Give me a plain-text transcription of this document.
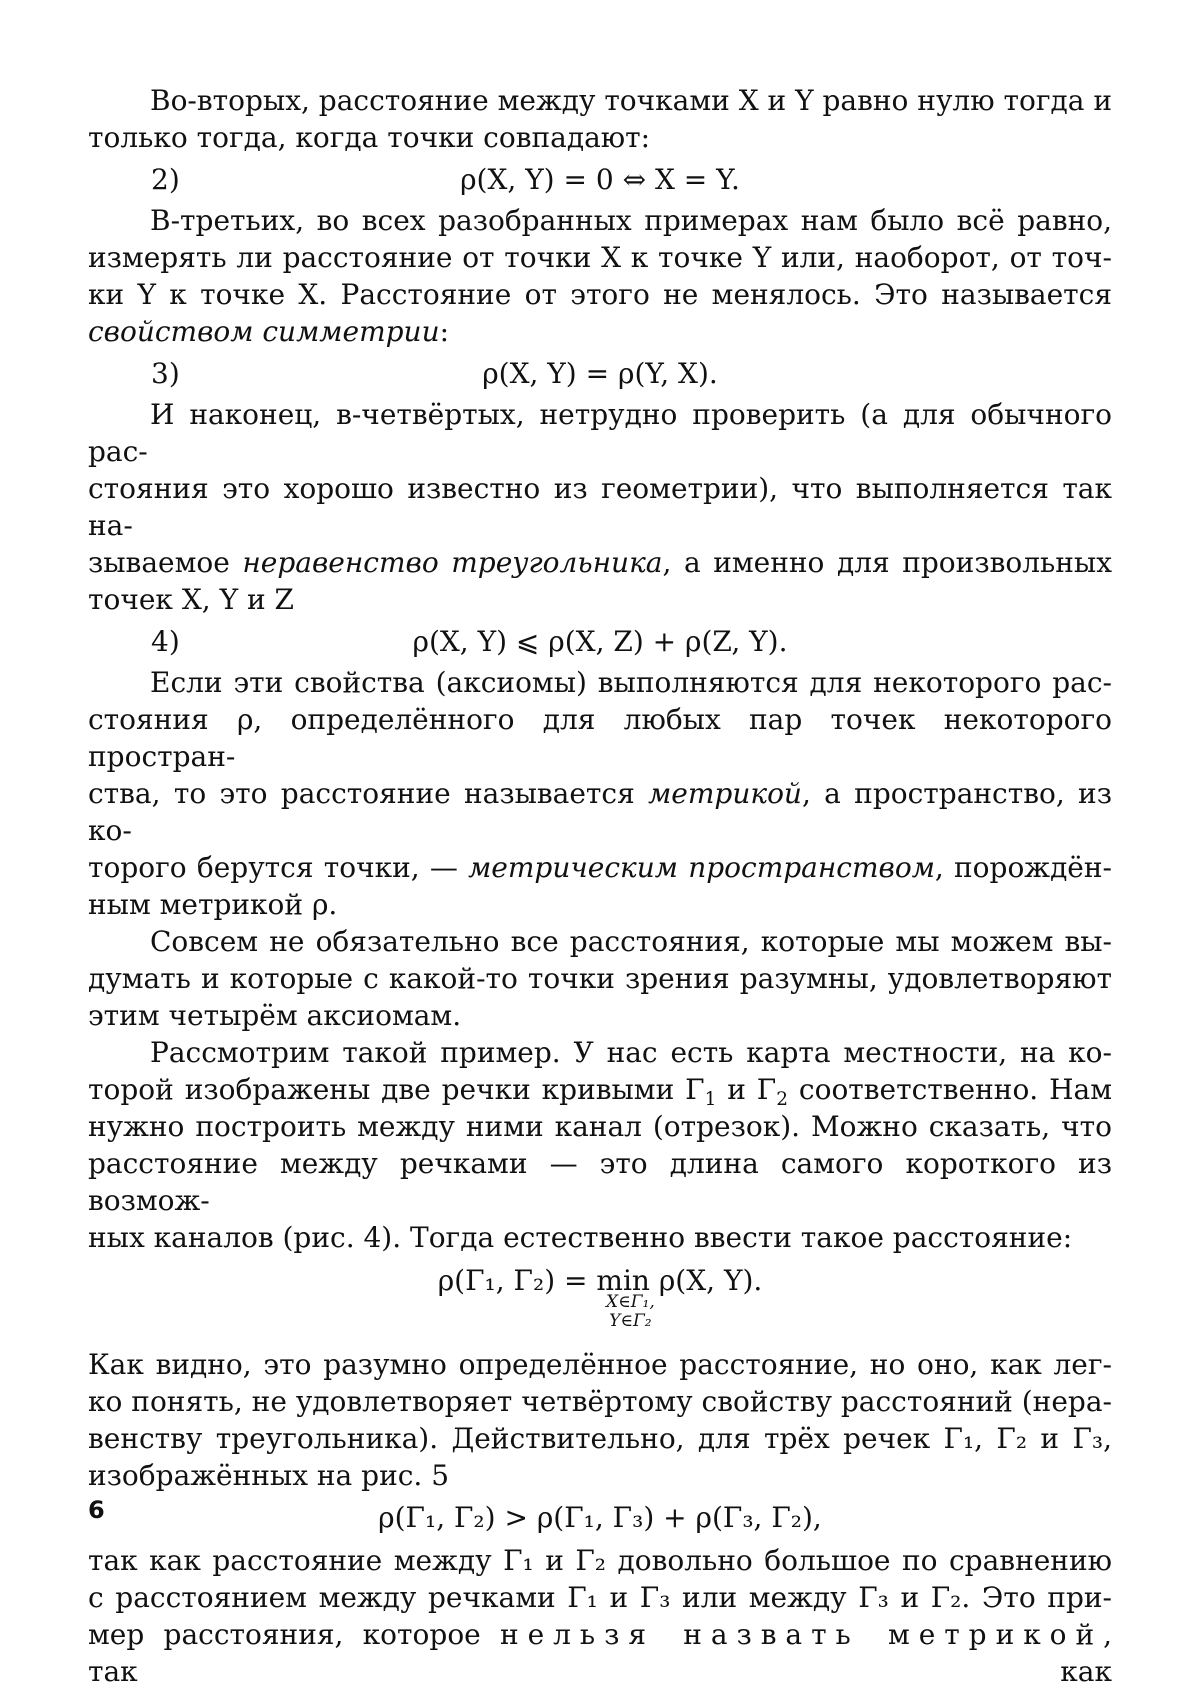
Во-вторых, расстояние между точками X и Y равно нулю тогда и

только тогда, когда точки совпадают:

2)	ρ(X, Y) = 0 ⇔ X = Y.

В-третьих, во всех разобранных примерах нам было всё равно,

измерять ли расстояние от точки X к точке Y или, наоборот, от точ-

ки Y к точке X. Расстояние от этого не менялось. Это называется

свойством симметрии:

3)	ρ(X, Y) = ρ(Y, X).

И наконец, в-четвёртых, нетрудно проверить (а для обычного рас-

стояния это хорошо известно из геометрии), что выполняется так на-

зываемое неравенство треугольника, а именно для произвольных

точек X, Y и Z

4)	ρ(X, Y) ⩽ ρ(X, Z) + ρ(Z, Y).

Если эти свойства (аксиомы) выполняются для некоторого рас-

стояния ρ, определённого для любых пар точек некоторого простран-

ства, то это расстояние называется метрикой, а пространство, из ко-

торого берутся точки, — метрическим пространством, порождён-

ным метрикой ρ.

Совсем не обязательно все расстояния, которые мы можем вы-

думать и которые с какой-то точки зрения разумны, удовлетворяют

этим четырём аксиомам.

Рассмотрим такой пример. У нас есть карта местности, на ко-

торой изображены две речки кривыми $\Gamma_1$ и $\Gamma_2$ соответственно. Нам

нужно построить между ними канал (отрезок). Можно сказать, что

расстояние между речками — это длина самого короткого из возмож-

ных каналов (рис. 4). Тогда естественно ввести такое расстояние:

ρ(Γ₁, Γ₂) = min
X∈Γ₁,
Y∈Γ₂
ρ(X, Y).

Как видно, это разумно определённое расстояние, но оно, как лег-

ко понять, не удовлетворяет четвёртому свойству расстояний (нера-

венству треугольника). Действительно, для трёх речек Γ₁, Γ₂ и Γ₃,

изображённых на рис. 5

ρ(Γ₁, Γ₂) > ρ(Γ₁, Γ₃) + ρ(Γ₃, Γ₂),

так как расстояние между Γ₁ и Γ₂ довольно большое по сравнению

с расстоянием между речками Γ₁ и Γ₃ или между Γ₃ и Γ₂. Это при-

мер расстояния, которое нельзя назвать метрикой, так как

6
